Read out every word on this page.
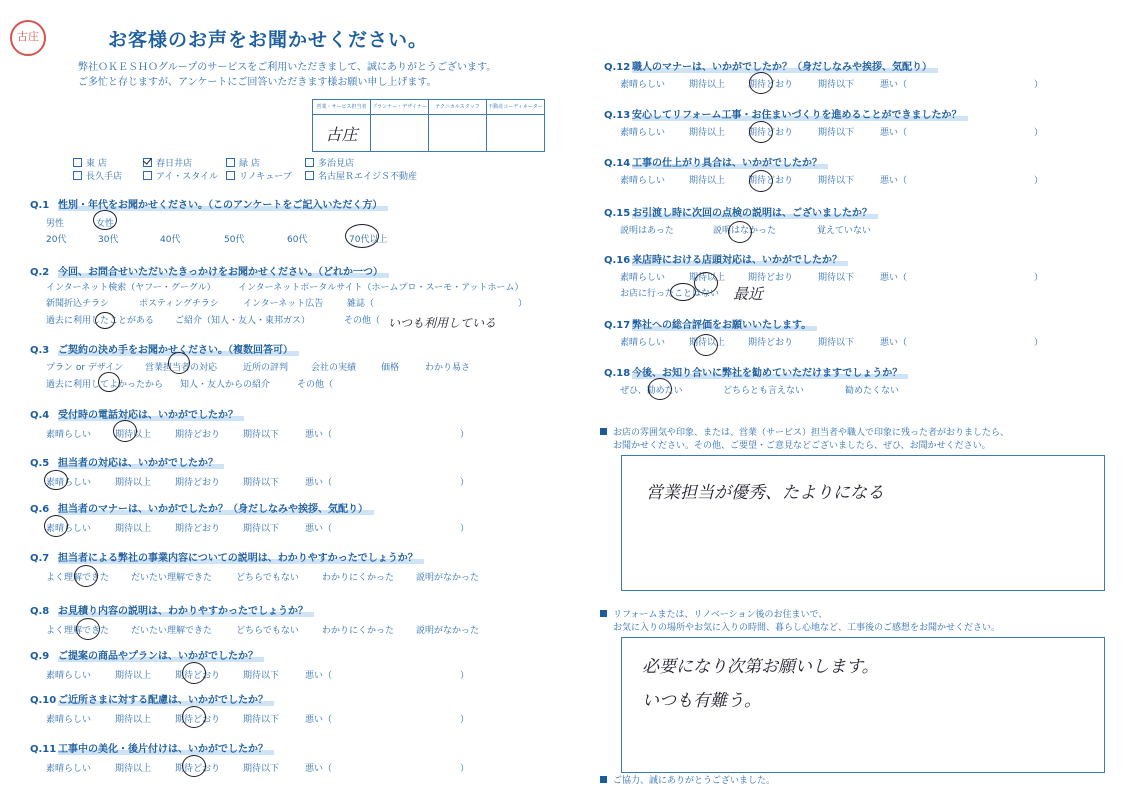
古庄	お客様のお声をお聞かせください。
弊社ＯＫＥＳＨＯグループのサービスをご利用いただきまして、誠にありがとうございます。
ご多忙と存じますが、アンケートにご回答いただきます様お願い申し上げます。
営業・サービス担当者	プランナー・デザイナー	テクニカルスタッフ	不動産コーディネーター
古庄			
東 店	春日井店	緑 店	多治見店
長久手店	アイ・スタイル	リノキューブ	名古屋ＲエイジＳ不動産
Q.1 性別・年代をお聞かせください。（このアンケートをご記入いただく方）
男性	女性
20代	30代	40代	50代	60代	70代以上
Q.2 今回、お問合せいただいたきっかけをお聞かせください。（どれか一つ）
インターネット検索（ヤフー・グーグル） インターネットポータルサイト（ホームプロ・スーモ・アットホーム）
新聞折込チラシ	ポスティングチラシ	インターネット広告	雑誌（	）
過去に利用したことがある ご紹介（知人・友人・東邦ガス）	その他（ いつも利用している
Q.3 ご契約の決め手をお聞かせください。（複数回答可）
プラン or デザイン 営業担当者の対応	近所の評判	会社の実績	価格	わかり易さ
過去に利用してよかったから 知人・友人からの紹介	その他（
お店の雰囲気や印象、または、営業（サービス）担当者や職人で印象に残った者がおりましたら、
お聞かせください。その他、ご要望・ご意見などございましたら、ぜひ、お聞かせください。
営業担当が優秀、たよりになる
リフォームまたは、リノベーション後のお住まいで、
お気に入りの場所やお気に入りの時間、暮らし心地など、工事後のご感想をお聞かせください。
必要になり次第お願いします。
いつも有難う。
ご協力、誠にありがとうございました。
Q.4 受付時の電話対応は、いかがでしたか？
素晴らしい	期待以上	期待どおり	期待以下	悪い（	）
Q.5 担当者の対応は、いかがでしたか？
素晴らしい	期待以上	期待どおり	期待以下	悪い（	）
Q.6 担当者のマナーは、いかがでしたか？（身だしなみや挨拶、気配り）
素晴らしい	期待以上	期待どおり	期待以下	悪い（	）
Q.7 担当者による弊社の事業内容についての説明は、わかりやすかったでしょうか？
よく理解できた だいたい理解できた	どちらでもない	わかりにくかった 説明がなかった
Q.8 お見積り内容の説明は、わかりやすかったでしょうか？
よく理解できた だいたい理解できた	どちらでもない	わかりにくかった 説明がなかった
Q.9 ご提案の商品やプランは、いかがでしたか？
素晴らしい	期待以上	期待どおり	期待以下	悪い（	）
Q.10 ご近所さまに対する配慮は、いかがでしたか？
素晴らしい	期待以上	期待どおり	期待以下	悪い（	）
Q.11 工事中の美化・後片付けは、いかがでしたか？
素晴らしい	期待以上	期待どおり	期待以下	悪い（	）
Q.12 職人のマナーは、いかがでしたか？（身だしなみや挨拶、気配り）
素晴らしい	期待以上	期待どおり	期待以下	悪い（	）
Q.13 安心してリフォーム工事・お住まいづくりを進めることができましたか？
素晴らしい	期待以上	期待どおり	期待以下	悪い（	）
Q.14 工事の仕上がり具合は、いかがでしたか？
素晴らしい	期待以上	期待どおり	期待以下	悪い（	）
Q.15 お引渡し時に次回の点検の説明は、ございましたか？
説明はあった	説明はなかった	覚えていない
Q.16 来店時における店頭対応は、いかがでしたか？
素晴らしい	期待以上	期待どおり	期待以下	悪い（	）
Q.17 弊社への総合評価をお願いいたします。
素晴らしい	期待以上	期待どおり	期待以下	悪い（	）
Q.18 今後、お知り合いに弊社を勧めていただけますでしょうか？
ぜひ、勧めたい	どちらとも言えない	勧めたくない
お店に行ったことはない 最近
